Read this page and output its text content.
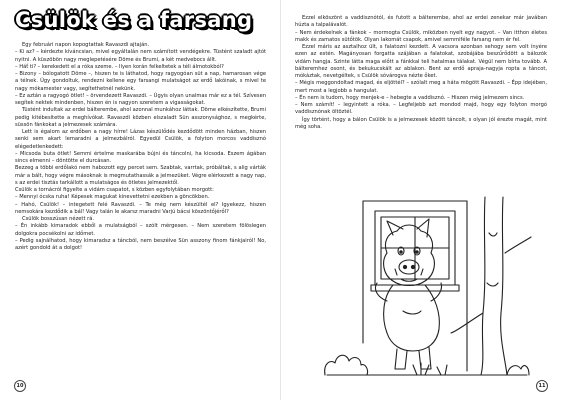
Csülök és a farsang

Egy februári napon kopogtattak Ravaszdi ajtaján.

– Ki az? – kérdezte kíváncsian, mivel egyáltalán nem számított vendégekre. Tüstént szaladt ajtót nyitni. A küszöbön nagy meglepetésére Döme és Brumi, a két medvebocs állt.

– Háť ti? – kerekedett el a róka szeme. – Ilyen korán felkeltetek a téli álmotokból?

– Bizony – bólogatott Döme –, hiszen te is láthatod, hogy ragyogóan süt a nap, hamarosan vége a télnek. Úgy gondoltuk, rendezni kellene egy farsangi mulatságot az erdő lakóinak, s mivel te nagy mókamester vagy, segítethetnél nekünk.

– Ez aztán a ragyogó ötlet! – örvendezett Ravaszdi. – Úgyis olyan unalmas már ez a tél. Szívesen segítek nektek mindenben, hiszen én is nagyon szeretem a vigasságokat.

Tüstént indultak az erdei bálterembe, ahol azonnal munkához láttak. Döme elkészítette, Brumi pedig kitébesítette a meghívókat. Ravaszdi közben elszaladt Sün asszonysághoz, s megkérte, süssön fánkokat a jelmezesek számára.

Lett is égalom az erdőben a nagy hírre! Lázas készülődés kezdődött minden házban, hiszen senki sem akart lemaradni a jelmezbálról. Egyedül Csülök, a folyton morcos vaddisznó elégedetlenkedett:

– Micsoda buta ötlet! Semmi értelme maskarába bújni és táncolni, ha kicsoda. Eszem ágában sincs elmenni – döntötte el durcásan.

Bezzeg a többi erdőlakó nem habozott egy percet sem. Szabtak, varrtak, próbáltak, s alig várták már a bált, hogy végre másoknak is megmutathassák a jelmezüket. Végre elérkezett a nagy nap, s az erdei tisztás tarkállott a mulatságos és ötletes jelmezektől.

Csülök a tornácról figyelte a vidám csapatot, s közben egyfolytában morgott:

– Mennyi ócska ruha! Képesek magukat kinevettetni ezekben a göncökben.

– Hahó, Csülök! – integetett felé Ravaszdi. – Te még nem készültél el? Igyekezz, hiszen nemsokára kezdődik a bál! Vagy talán le akarsz maradni Varjú bácsi köszöntőjéről?

Csülök bosszúsan nézett rá.

– Én inkább kimaradok ebből a mulatságból – szólt mérgesen. – Nem szeretem fölöslegen dolgokra pocsékolni az időmet.

– Pedig sajnálhatod, hogy kimaradsz a táncból, nem beszélve Sün asszony finom fánkjairól! No, azért gondold át a dolgot!

10

Ezzel elköszönt a vaddisznótól, és futott a bálterembe, ahol az erdei zenekar már javában húzta a talpalávalót.

– Nem érdekelnek a fánkok – mormogta Csülök, miközben nyelt egy nagyot. – Van itthon életes makk és zamatos sütőtök. Olyan lakomát csapok, amivel semmiféle farsang nem ér fel.

Ezzel máris az asztalhoz ült, s falatozni kezdett. A vacsora azonban sehogy sem volt ínyére ezen az estén. Magányosan forgatta szájában a falatokat, szobájába beszűrődött a bálozók vidám hangja. Szinte látta maga előtt a fánkkal teli hatalmas tálakat. Végül nem bírta tovább. A bálteremhez osont, és bekukucskált az ablakon. Bent az erdő apraja-nagyja ropta a táncot, mókáztak, nevetgéltek, s Csülök sóvárogva nézte őket.

– Mégis meggondoltad magad, és eljöttél? – szólalt meg a háta mögött Ravaszdi. – Épp idejében, mert most a legjobb a hangulat.

– Én nem is tudom, hogy menjek-e – hebegte a vaddisznó. – Hiszen még jelmezem sincs.

– Nem számít! – legyintett a róka. – Legfeljebb azt mondod majd, hogy egy folyton morgó vaddisznónak öltöztél.

Így történt, hogy a bálon Csülök is a jelmezesek között táncolt, s olyan jól érezte magát, mint még soha.

11
